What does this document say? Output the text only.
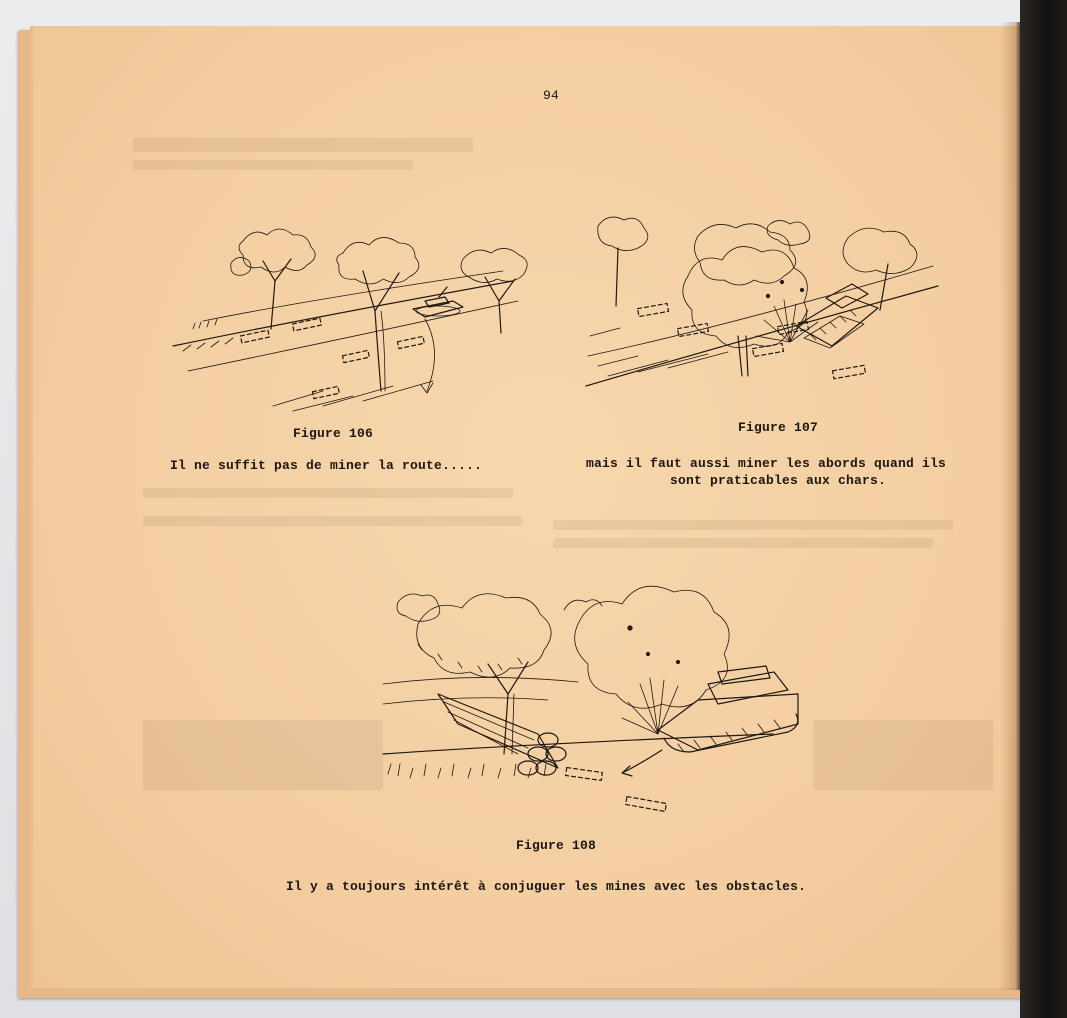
94
Figure 106
Il ne suffit pas de miner la route.....
Figure 107
mais il faut aussi miner les abords quand ils
sont praticables aux chars.
Figure 108
Il y a toujours intérêt à conjuguer les mines avec les obstacles.
